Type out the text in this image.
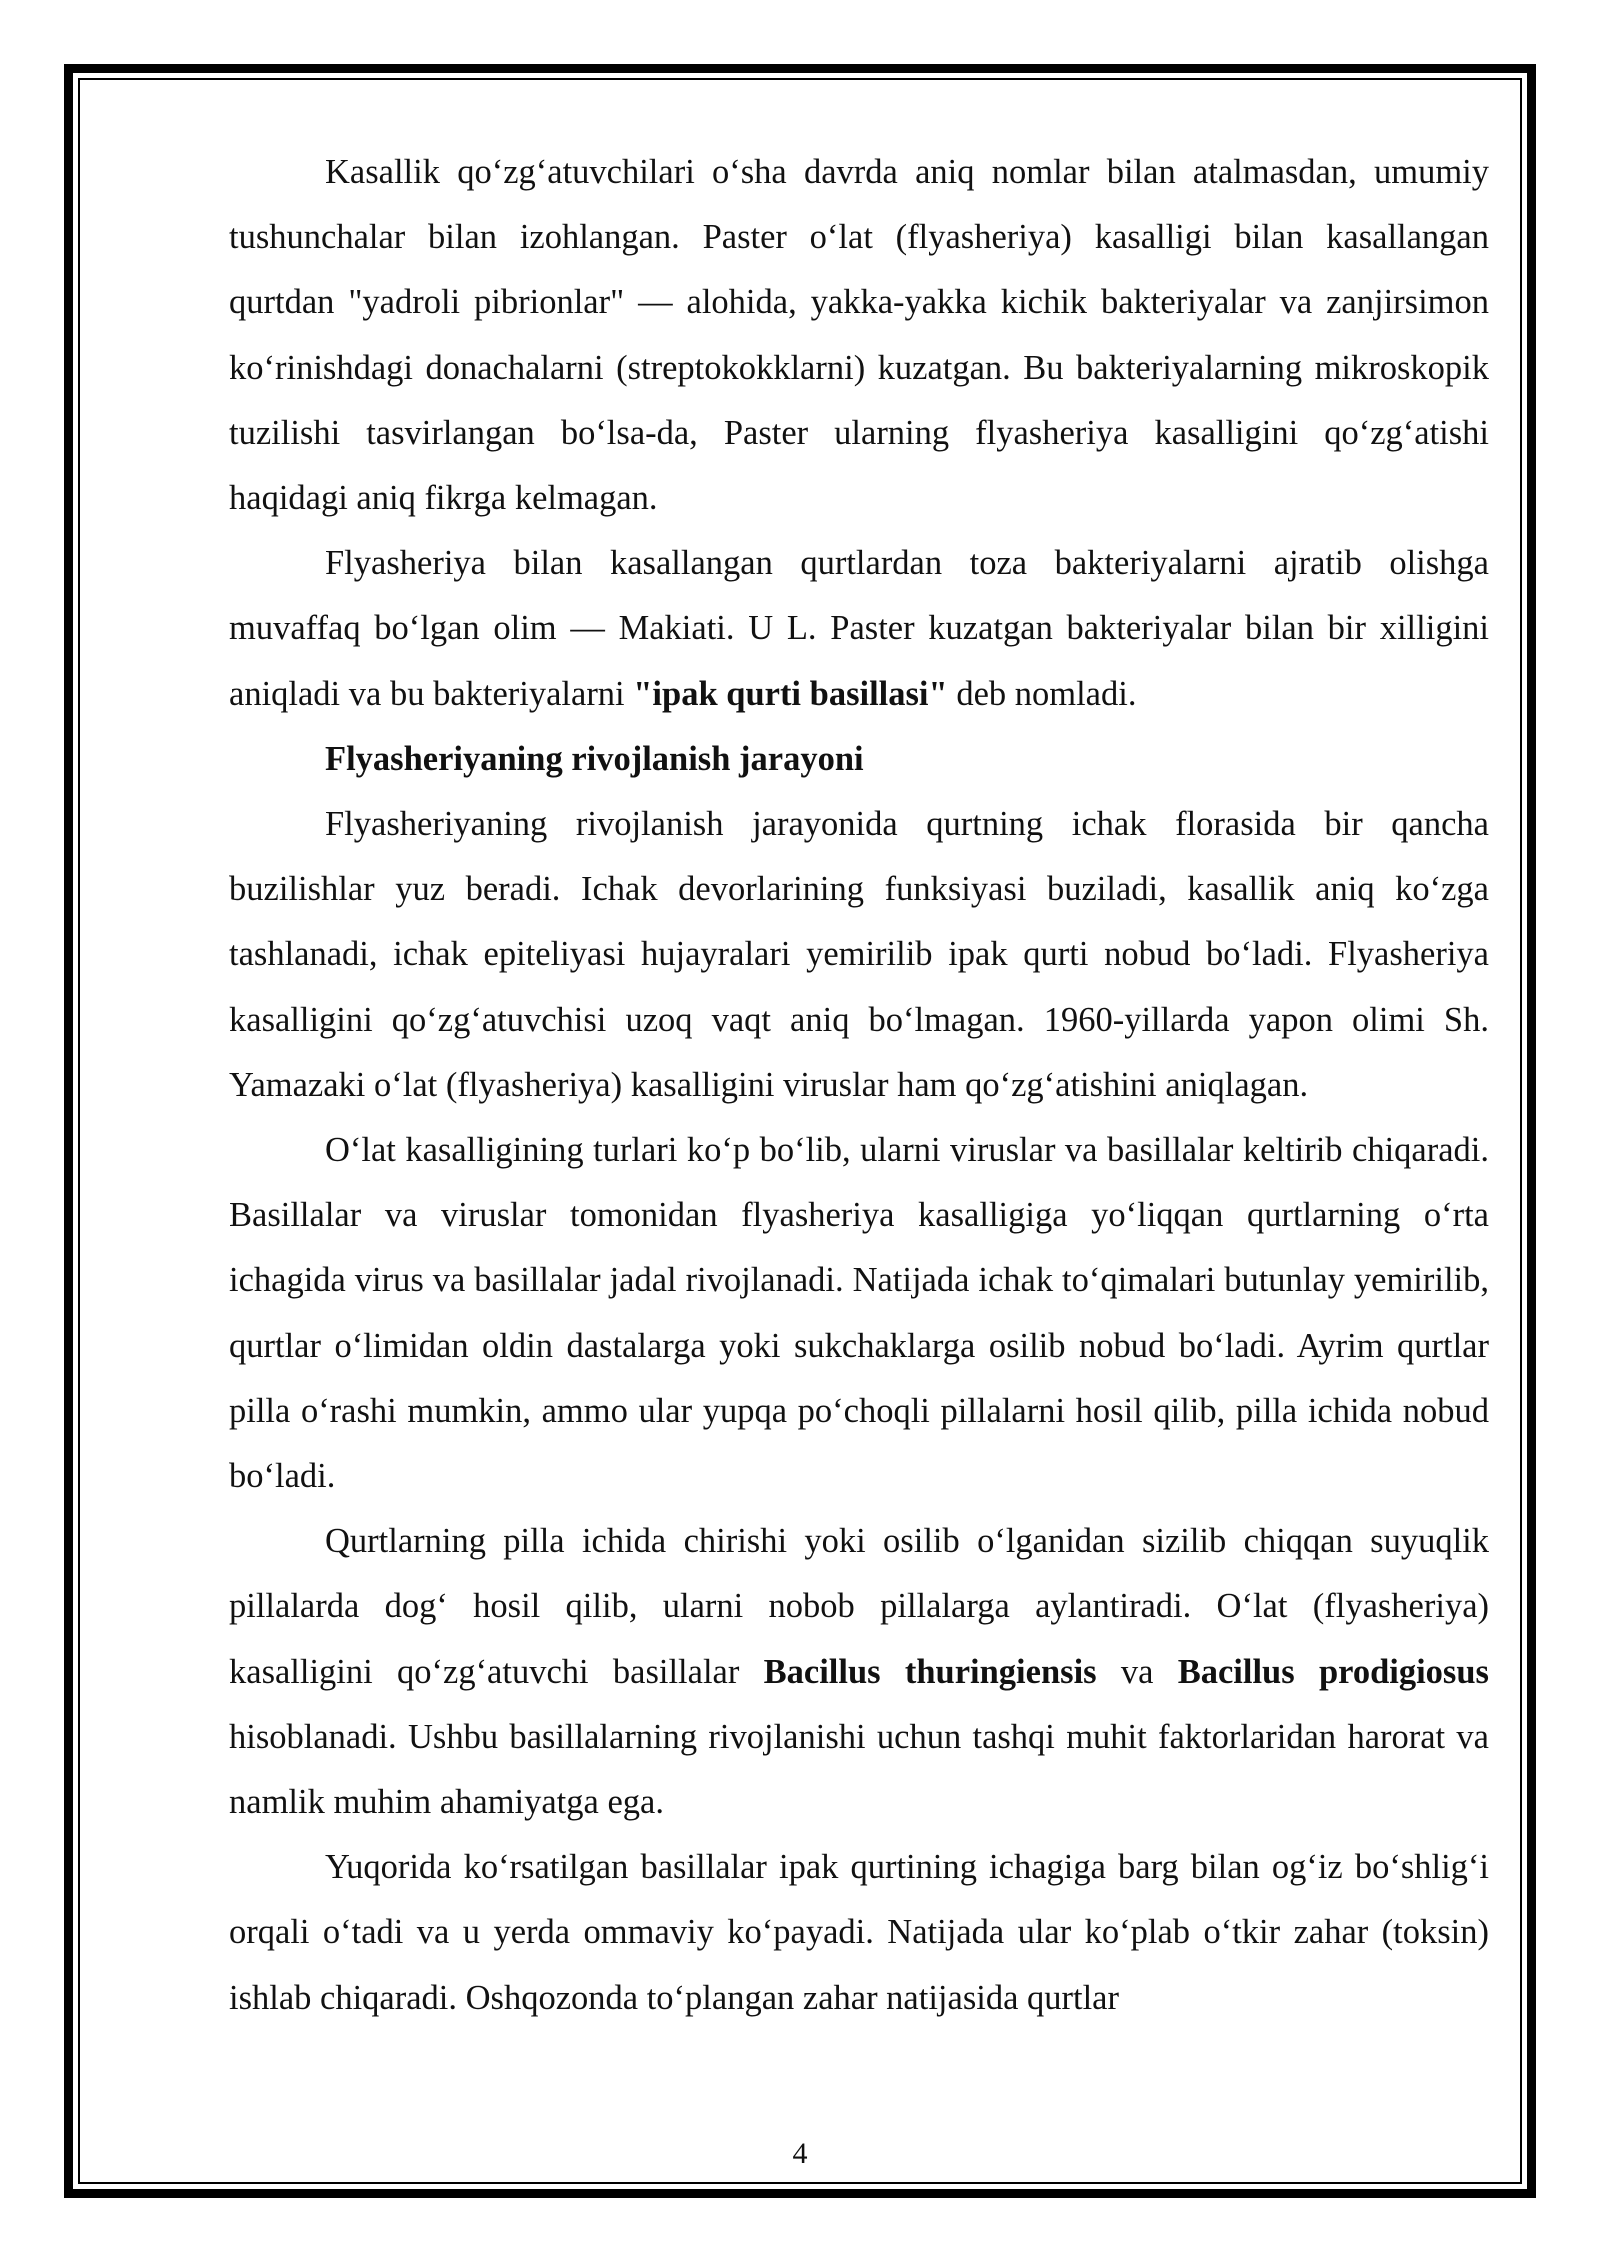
Kasallik qo‘zg‘atuvchilari o‘sha davrda aniq nomlar bilan atalmasdan, umumiy tushunchalar bilan izohlangan. Paster o‘lat (flyasheriya) kasalligi bilan kasallangan qurtdan "yadroli pibrionlar" — alohida, yakka-yakka kichik bakteriyalar va zanjirsimon ko‘rinishdagi donachalarni (streptokokklarni) kuzatgan. Bu bakteriyalarning mikroskopik tuzilishi tasvirlangan bo‘lsa-da, Paster ularning flyasheriya kasalligini qo‘zg‘atishi haqidagi aniq fikrga kelmagan.

Flyasheriya bilan kasallangan qurtlardan toza bakteriyalarni ajratib olishga muvaffaq bo‘lgan olim — Makiati. U L. Paster kuzatgan bakteriyalar bilan bir xilligini aniqladi va bu bakteriyalarni "ipak qurti basillasi" deb nomladi.

Flyasheriyaning rivojlanish jarayoni

Flyasheriyaning rivojlanish jarayonida qurtning ichak florasida bir qancha buzilishlar yuz beradi. Ichak devorlarining funksiyasi buziladi, kasallik aniq ko‘zga tashlanadi, ichak epiteliyasi hujayralari yemirilib ipak qurti nobud bo‘ladi. Flyasheriya kasalligini qo‘zg‘atuvchisi uzoq vaqt aniq bo‘lmagan. 1960-yillarda yapon olimi Sh. Yamazaki o‘lat (flyasheriya) kasalligini viruslar ham qo‘zg‘atishini aniqlagan.

O‘lat kasalligining turlari ko‘p bo‘lib, ularni viruslar va basillalar keltirib chiqaradi. Basillalar va viruslar tomonidan flyasheriya kasalligiga yo‘liqqan qurtlarning o‘rta ichagida virus va basillalar jadal rivojlanadi. Natijada ichak to‘qimalari butunlay yemirilib, qurtlar o‘limidan oldin dastalarga yoki sukchaklarga osilib nobud bo‘ladi. Ayrim qurtlar pilla o‘rashi mumkin, ammo ular yupqa po‘choqli pillalarni hosil qilib, pilla ichida nobud bo‘ladi.

Qurtlarning pilla ichida chirishi yoki osilib o‘lganidan sizilib chiqqan suyuqlik pillalarda dog‘ hosil qilib, ularni nobob pillalarga aylantiradi. O‘lat (flyasheriya) kasalligini qo‘zg‘atuvchi basillalar Bacillus thuringiensis va Bacillus prodigiosus hisoblanadi. Ushbu basillalarning rivojlanishi uchun tashqi muhit faktorlaridan harorat va namlik muhim ahamiyatga ega.

Yuqorida ko‘rsatilgan basillalar ipak qurtining ichagiga barg bilan og‘iz bo‘shlig‘i orqali o‘tadi va u yerda ommaviy ko‘payadi. Natijada ular ko‘plab o‘tkir zahar (toksin) ishlab chiqaradi. Oshqozonda to‘plangan zahar natijasida qurtlar

4
